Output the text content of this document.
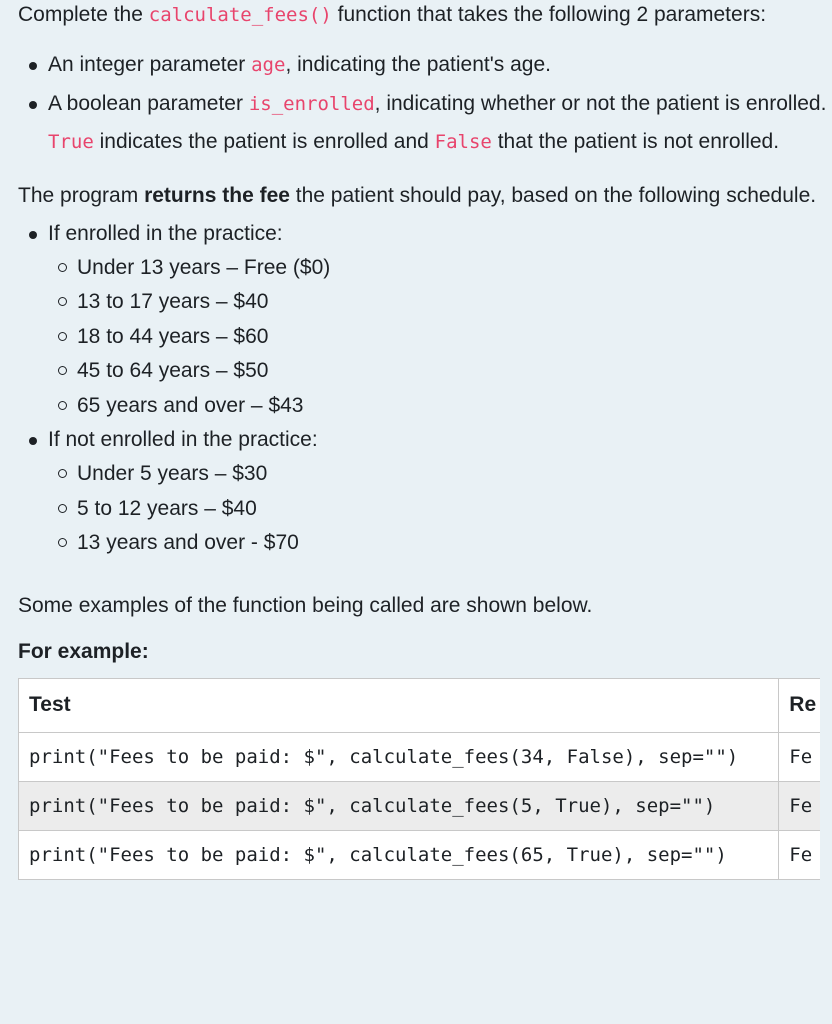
Complete the calculate_fees() function that takes the following 2 parameters:

An integer parameter age, indicating the patient's age.
A boolean parameter is_enrolled, indicating whether or not the patient is enrolled. True indicates the patient is enrolled and False that the patient is not enrolled.

The program returns the fee the patient should pay, based on the following schedule.

If enrolled in the practice:
Under 13 years – Free ($0)
13 to 17 years – $40
18 to 44 years – $60
45 to 64 years – $50
65 years and over – $43
If not enrolled in the practice:
Under 5 years – $30
5 to 12 years – $40
13 years and over - $70

Some examples of the function being called are shown below.

For example:

Test	Re
print("Fees to be paid: $", calculate_fees(34, False), sep="")	Fe
print("Fees to be paid: $", calculate_fees(5, True), sep="")	Fe
print("Fees to be paid: $", calculate_fees(65, True), sep="")	Fe
